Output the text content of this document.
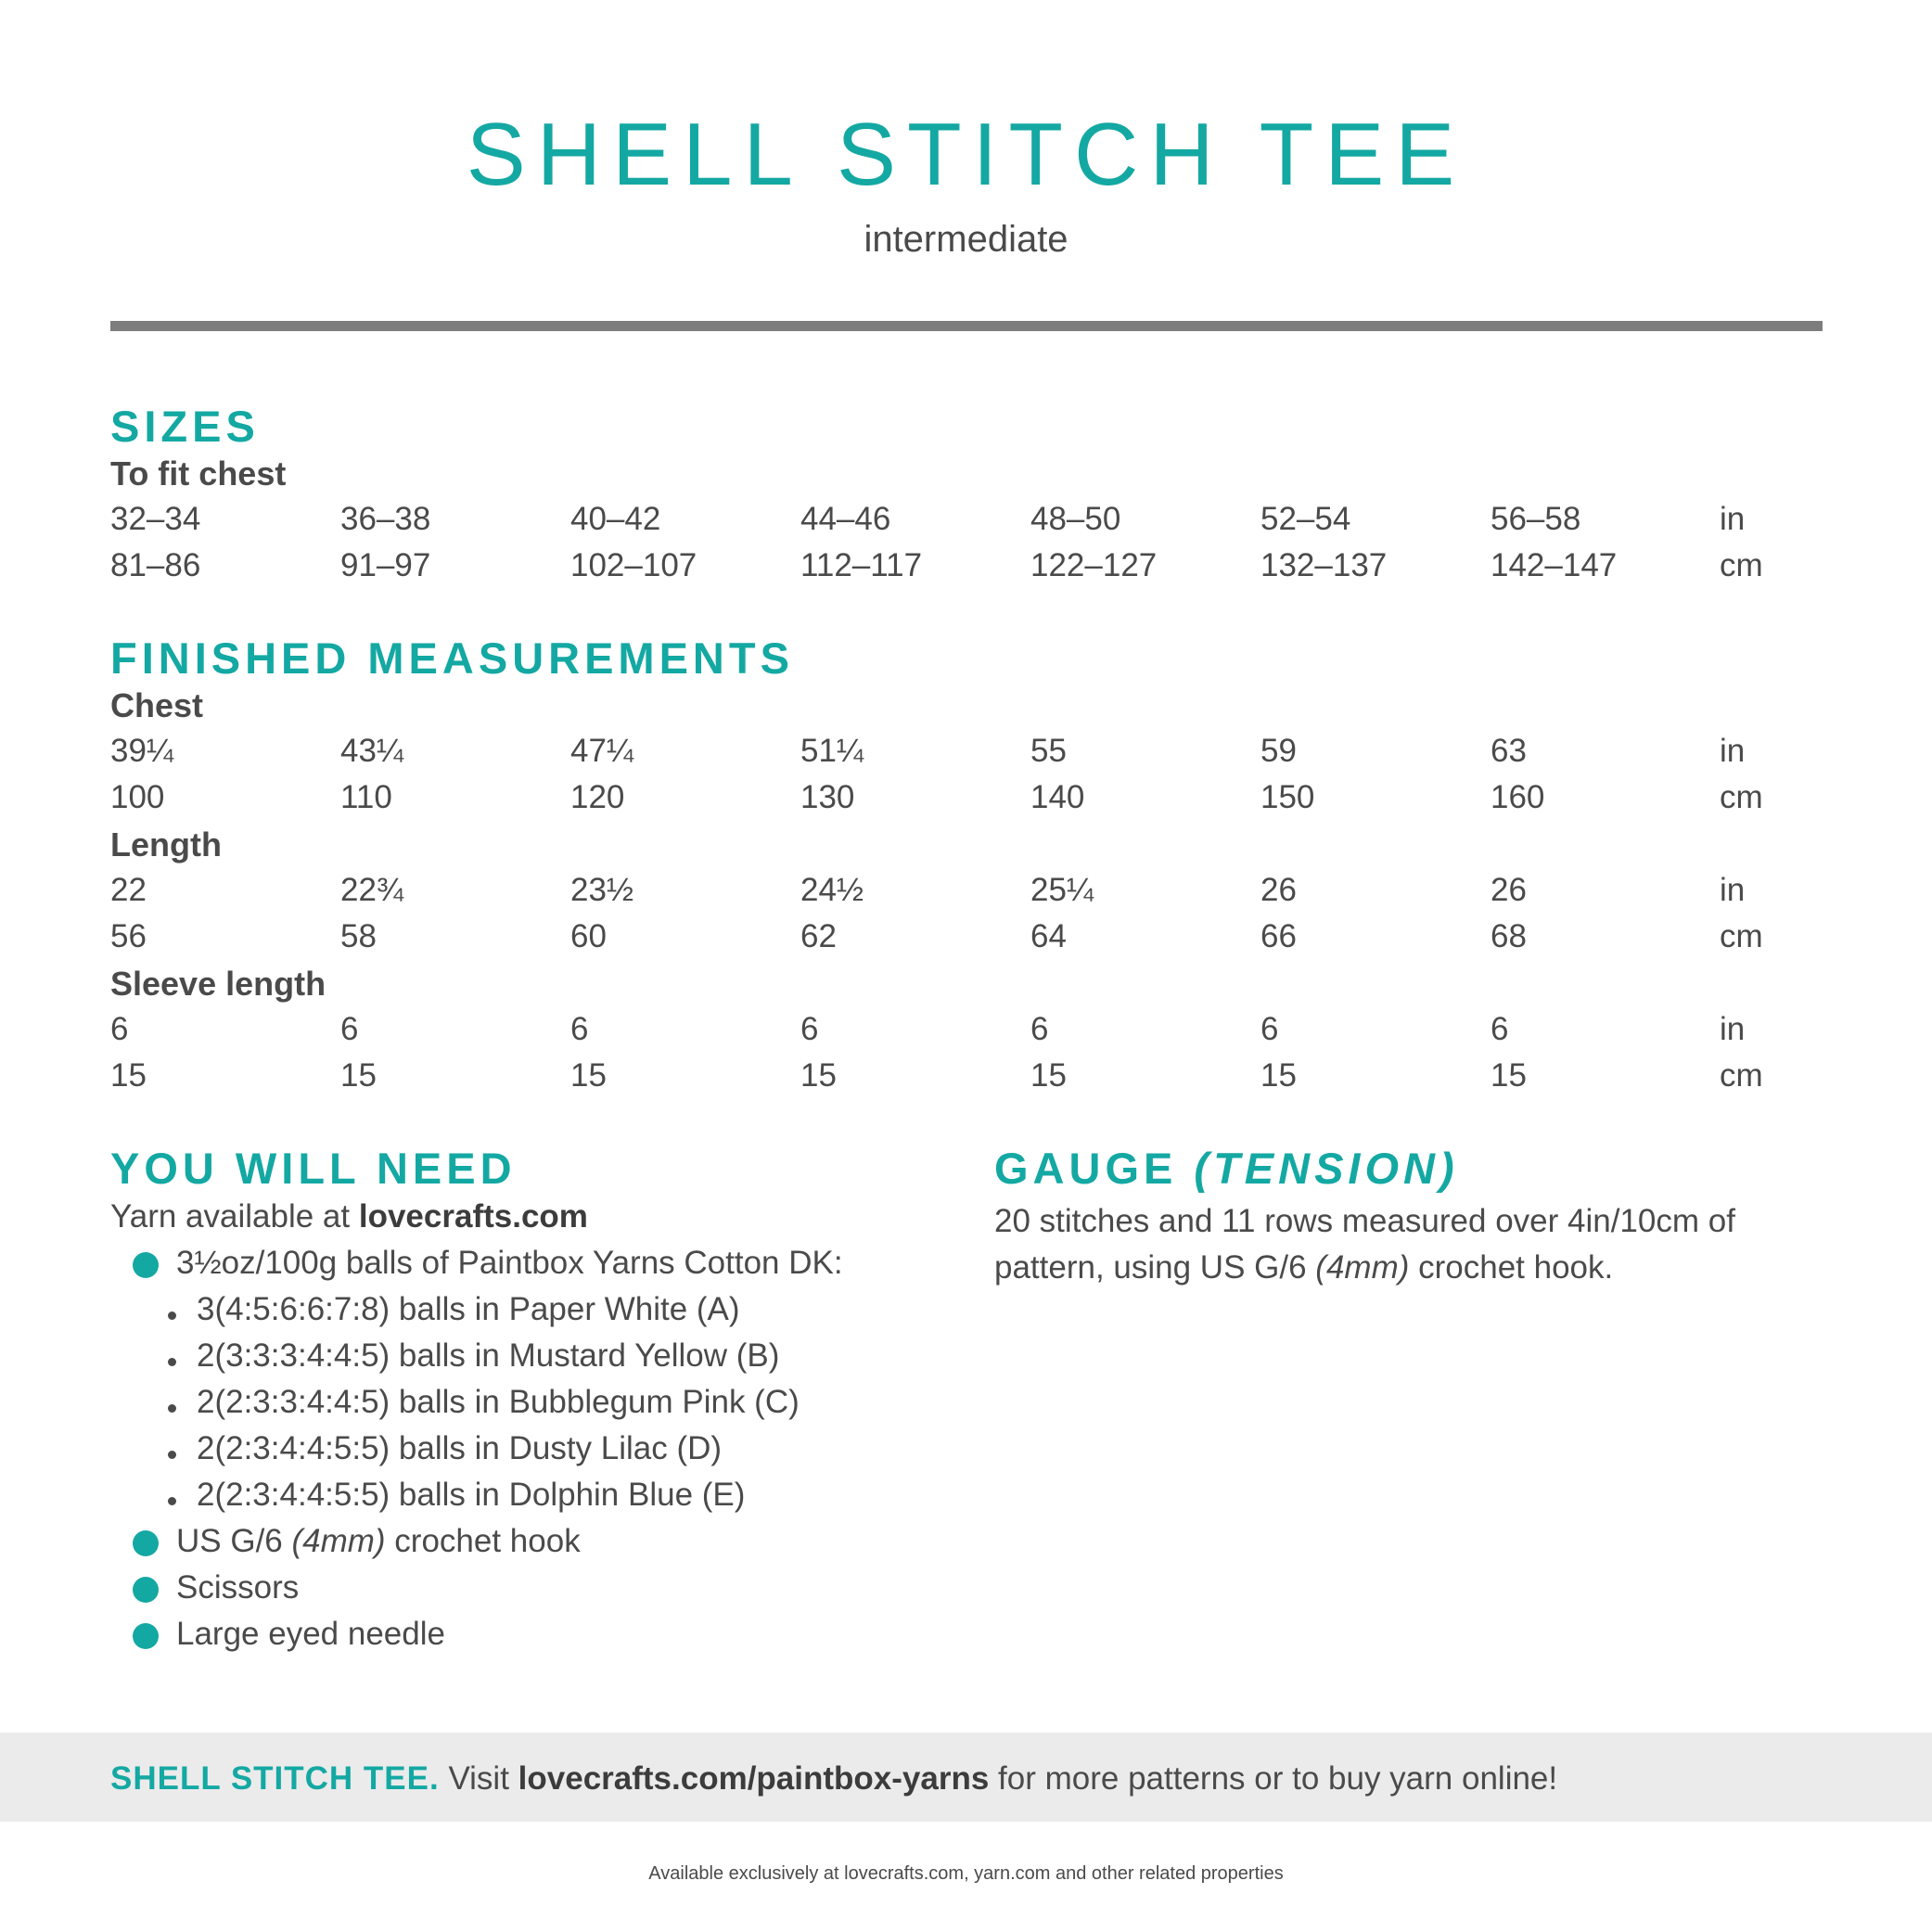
SHELL STITCH TEE
intermediate
SIZES
To fit chest
32–34	36–38	40–42	44–46	48–50	52–54	56–58	in
81–86	91–97	102–107	112–117	122–127	132–137	142–147	cm
FINISHED MEASUREMENTS
Chest
39¼	43¼	47¼	51¼	55	59	63	in
100	110	120	130	140	150	160	cm
Length
22	22¾	23½	24½	25¼	26	26	in
56	58	60	62	64	66	68	cm
Sleeve length
6	6	6	6	6	6	6	in
15	15	15	15	15	15	15	cm
YOU WILL NEED
Yarn available at lovecrafts.com
3½oz/100g balls of Paintbox Yarns Cotton DK:
3(4:5:6:6:7:8) balls in Paper White (A)
2(3:3:3:4:4:5) balls in Mustard Yellow (B)
2(2:3:3:4:4:5) balls in Bubblegum Pink (C)
2(2:3:4:4:5:5) balls in Dusty Lilac (D)
2(2:3:4:4:5:5) balls in Dolphin Blue (E)
US G/6 (4mm) crochet hook
Scissors
Large eyed needle
GAUGE (TENSION)
20 stitches and 11 rows measured over 4in/10cm of pattern, using US G/6 (4mm) crochet hook.
SHELL STITCH TEE. Visit lovecrafts.com/paintbox-yarns for more patterns or to buy yarn online!
Available exclusively at lovecrafts.com, yarn.com and other related properties
